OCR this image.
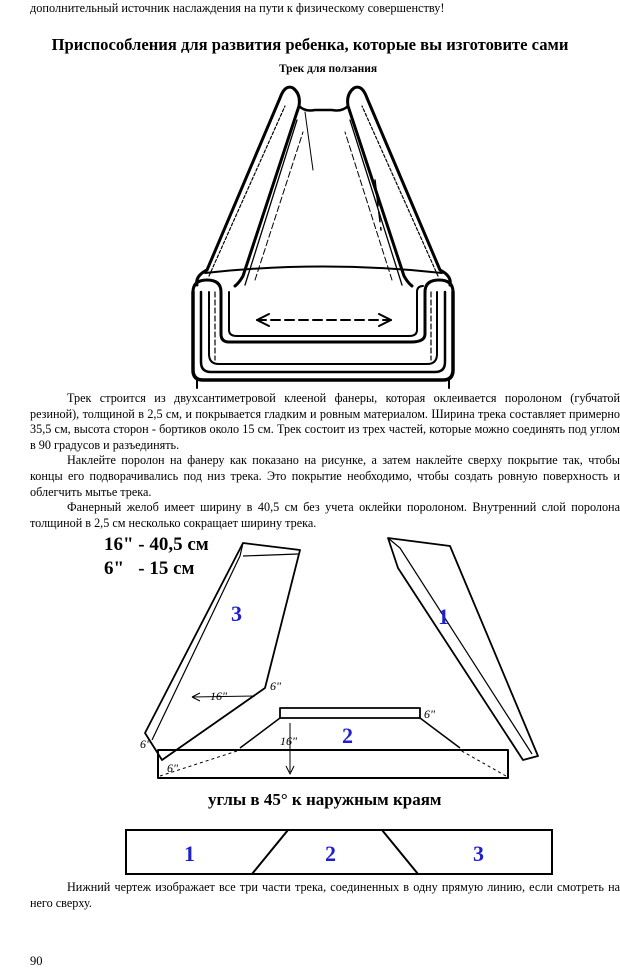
дополнительный источник наслаждения на пути к физическому совершенству!
Приспособления для развития ребенка, которые вы изготовите сами
Трек для ползания

Трек строится из двухсантиметровой клееной фанеры, которая оклеивается поролоном (губчатой резиной), толщиной в 2,5 см, и покрывается гладким и ровным материалом. Ширина трека составляет примерно 35,5 см, высота сторон - бортиков около 15 см. Трек состоит из трех частей, которые можно соединять под углом в 90 градусов и разъединять.

Наклейте поролон на фанеру как показано на рисунке, а затем наклейте сверху покрытие так, чтобы концы его подворачивались под низ трека. Это покрытие необходимо, чтобы создать ровную поверхность и облегчить мытье трека.

Фанерный желоб имеет ширину в 40,5 см без учета оклейки поролоном. Внутренний слой поролона толщиной в 2,5 см несколько сокращает ширину трека.

16" - 40,5 см
6"   - 15 см
3	1
2
16"
6"
6"
6"
6"
16"
углы в 45° к наружным краям
1	2	3

Нижний чертеж изображает все три части трека, соединенных в одну прямую линию, если смотреть на него сверху.

90
